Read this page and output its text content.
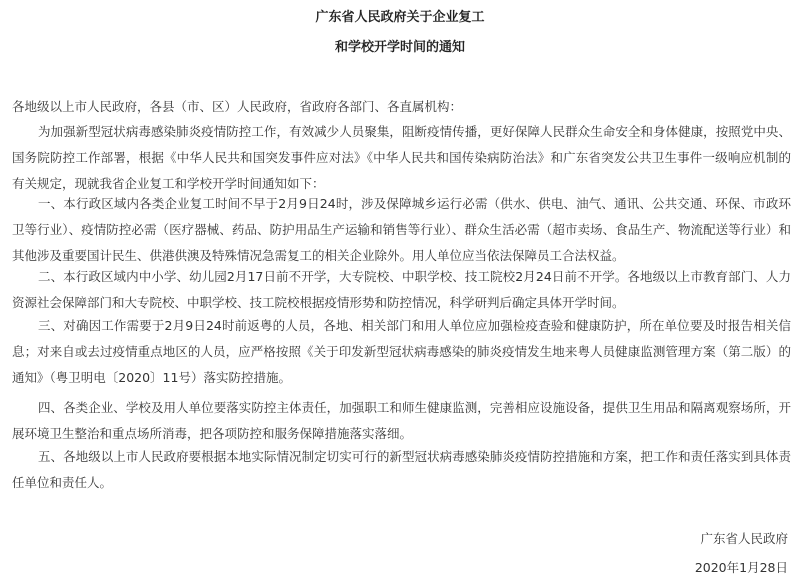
广东省人民政府关于企业复工
和学校开学时间的通知
各地级以上市人民政府，各县（市、区）人民政府，省政府各部门、各直属机构：
为加强新型冠状病毒感染肺炎疫情防控工作，有效减少人员聚集，阻断疫情传播，更好保障人民群众生命安全和身体健康，按照党中央、国务院防控工作部署，根据《中华人民共和国突发事件应对法》《中华人民共和国传染病防治法》和广东省突发公共卫生事件一级响应机制的有关规定，现就我省企业复工和学校开学时间通知如下：
一、本行政区域内各类企业复工时间不早于2月9日24时，涉及保障城乡运行必需（供水、供电、油气、通讯、公共交通、环保、市政环卫等行业）、疫情防控必需（医疗器械、药品、防护用品生产运输和销售等行业）、群众生活必需（超市卖场、食品生产、物流配送等行业）和其他涉及重要国计民生、供港供澳及特殊情况急需复工的相关企业除外。用人单位应当依法保障员工合法权益。
二、本行政区域内中小学、幼儿园2月17日前不开学，大专院校、中职学校、技工院校2月24日前不开学。各地级以上市教育部门、人力资源社会保障部门和大专院校、中职学校、技工院校根据疫情形势和防控情况，科学研判后确定具体开学时间。
三、对确因工作需要于2月9日24时前返粤的人员，各地、相关部门和用人单位应加强检疫查验和健康防护，所在单位要及时报告相关信息；对来自或去过疫情重点地区的人员，应严格按照《关于印发新型冠状病毒感染的肺炎疫情发生地来粤人员健康监测管理方案（第二版）的通知》（粤卫明电〔2020〕11号）落实防控措施。
四、各类企业、学校及用人单位要落实防控主体责任，加强职工和师生健康监测，完善相应设施设备，提供卫生用品和隔离观察场所，开展环境卫生整治和重点场所消毒，把各项防控和服务保障措施落实落细。
五、各地级以上市人民政府要根据本地实际情况制定切实可行的新型冠状病毒感染肺炎疫情防控措施和方案，把工作和责任落实到具体责任单位和责任人。
广东省人民政府
2020年1月28日
